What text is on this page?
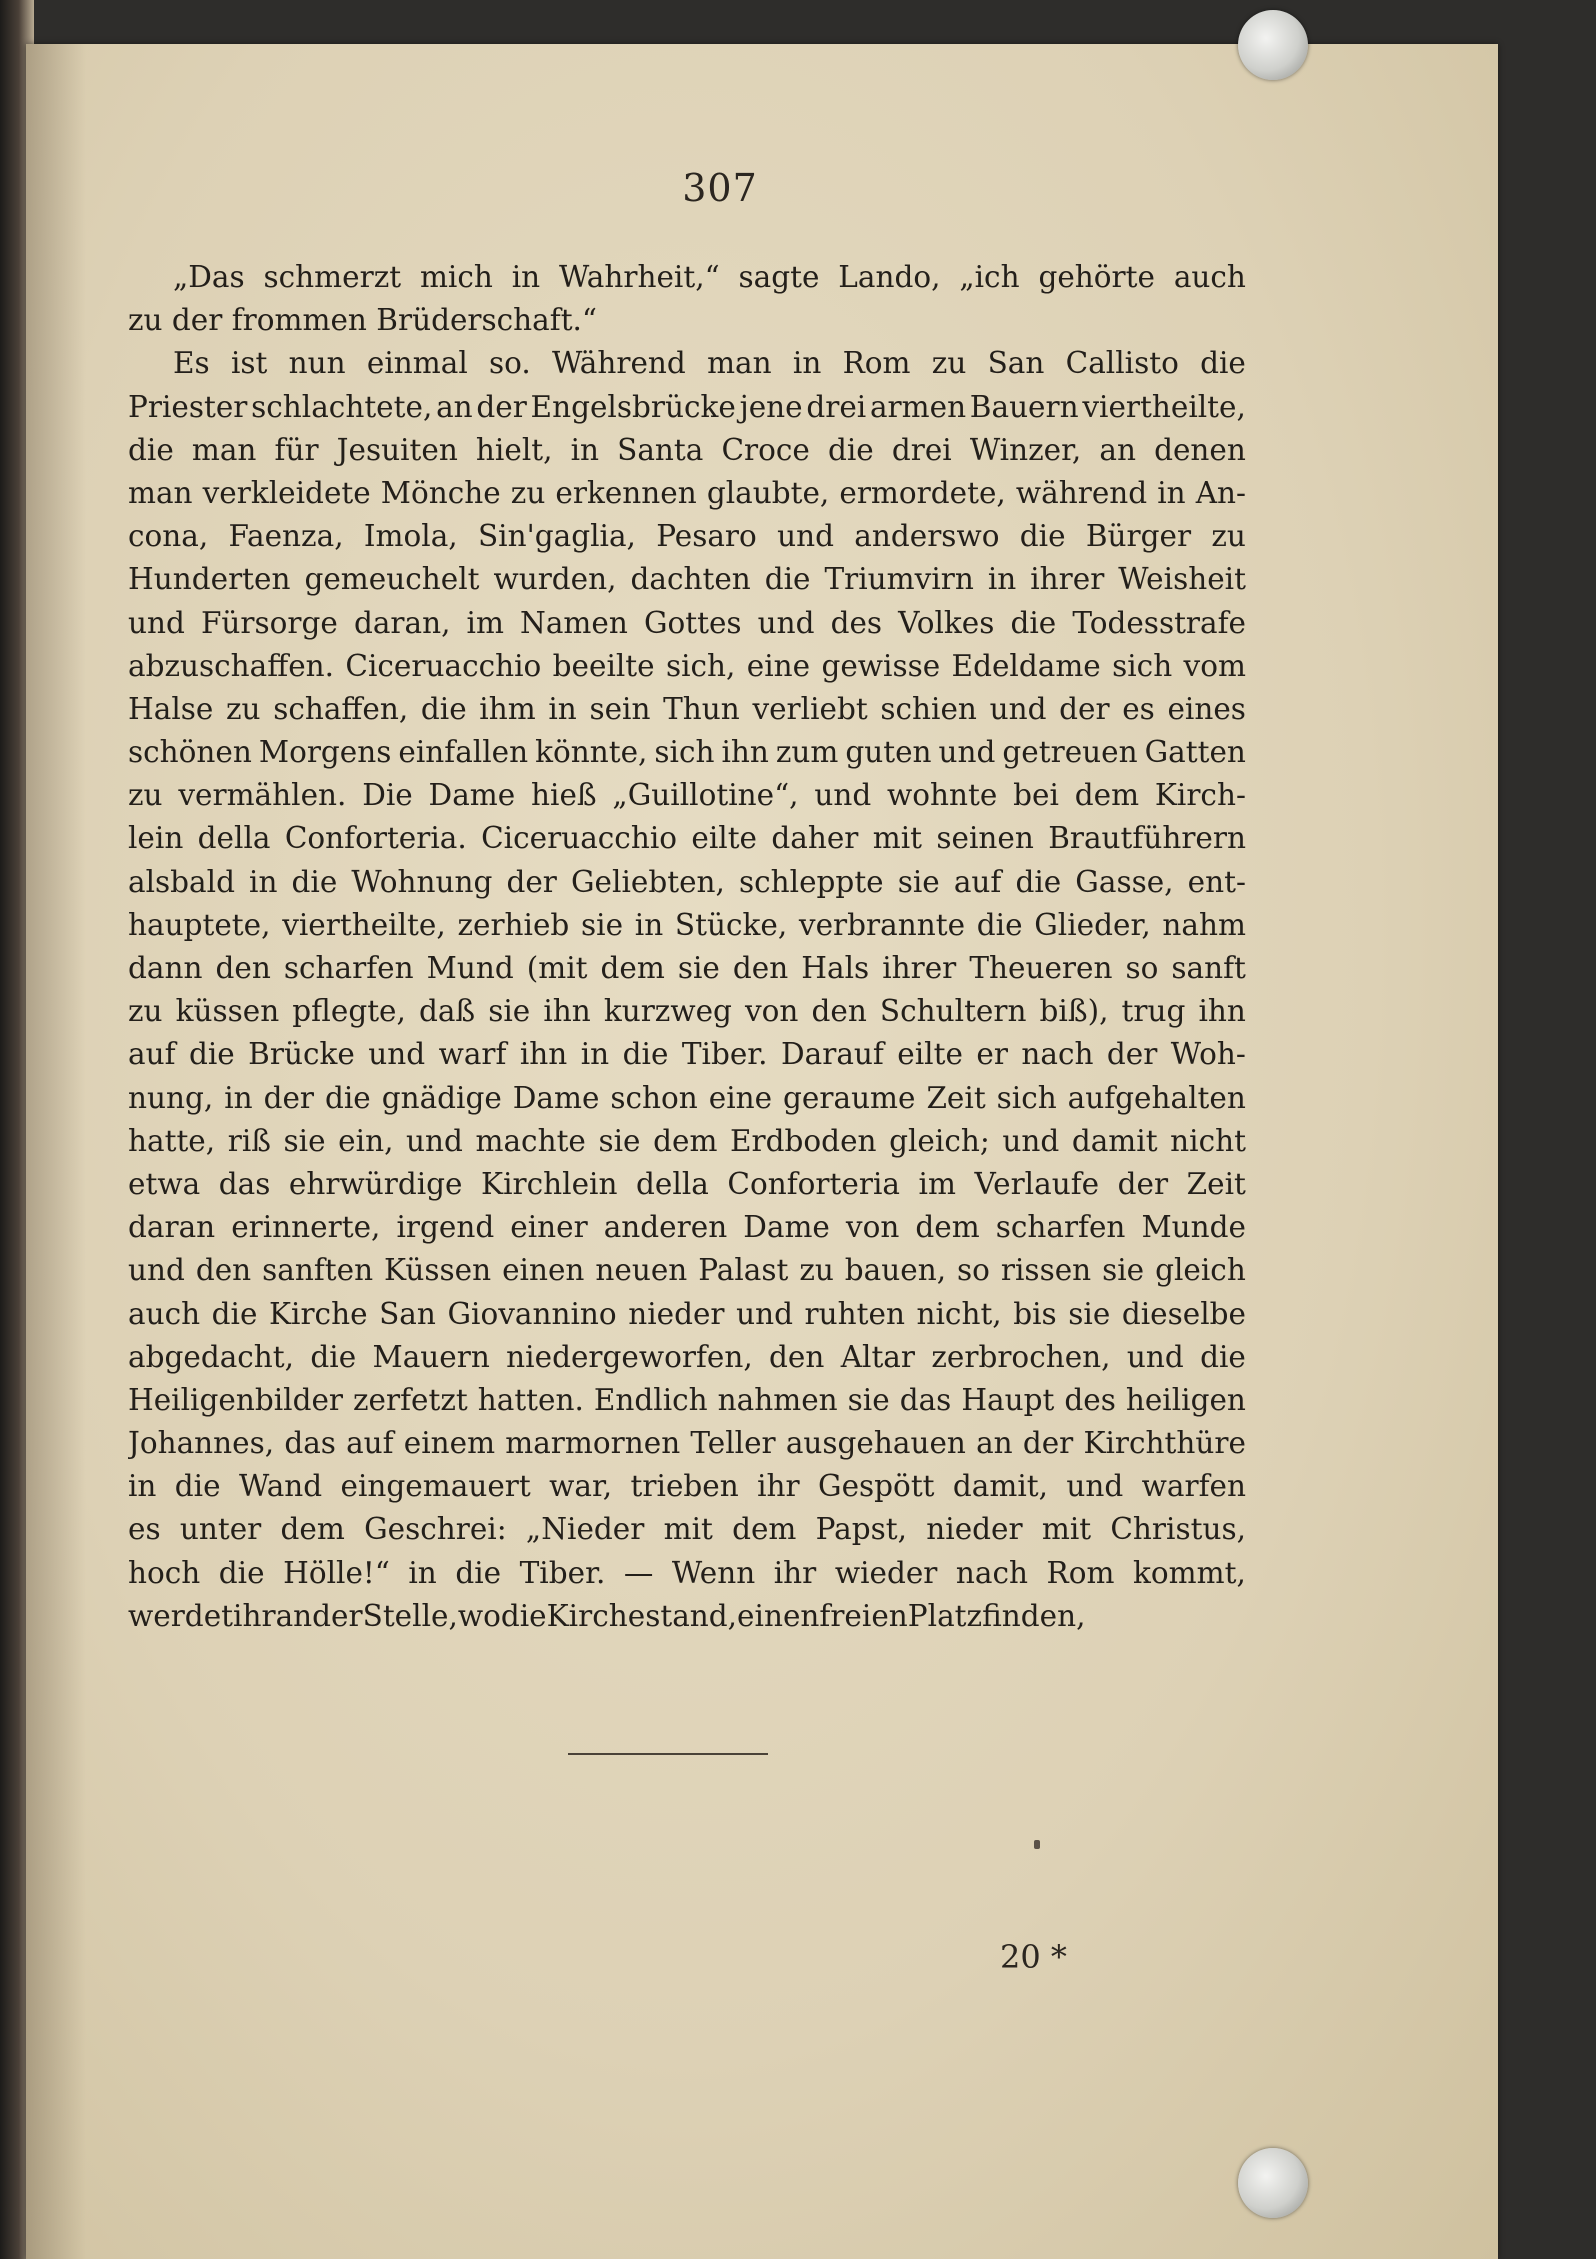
307
„Das schmerzt mich in Wahrheit,“ sagte Lando, „ich gehörte auch
zu der frommen Brüderschaft.“
Es ist nun einmal so. Während man in Rom zu San Callisto die
Priester schlachtete, an der Engelsbrücke jene drei armen Bauern viertheilte,
die man für Jesuiten hielt, in Santa Croce die drei Winzer, an denen
man verkleidete Mönche zu erkennen glaubte, ermordete, während in An-
cona, Faenza, Imola, Sin'gaglia, Pesaro und anderswo die Bürger zu
Hunderten gemeuchelt wurden, dachten die Triumvirn in ihrer Weisheit
und Fürsorge daran, im Namen Gottes und des Volkes die Todesstrafe
abzuschaffen. Ciceruacchio beeilte sich, eine gewisse Edeldame sich vom
Halse zu schaffen, die ihm in sein Thun verliebt schien und der es eines
schönen Morgens einfallen könnte, sich ihn zum guten und getreuen Gatten
zu vermählen. Die Dame hieß „Guillotine“, und wohnte bei dem Kirch-
lein della Conforteria. Ciceruacchio eilte daher mit seinen Brautführern
alsbald in die Wohnung der Geliebten, schleppte sie auf die Gasse, ent-
hauptete, viertheilte, zerhieb sie in Stücke, verbrannte die Glieder, nahm
dann den scharfen Mund (mit dem sie den Hals ihrer Theueren so sanft
zu küssen pflegte, daß sie ihn kurzweg von den Schultern biß), trug ihn
auf die Brücke und warf ihn in die Tiber. Darauf eilte er nach der Woh-
nung, in der die gnädige Dame schon eine geraume Zeit sich aufgehalten
hatte, riß sie ein, und machte sie dem Erdboden gleich; und damit nicht
etwa das ehrwürdige Kirchlein della Conforteria im Verlaufe der Zeit
daran erinnerte, irgend einer anderen Dame von dem scharfen Munde
und den sanften Küssen einen neuen Palast zu bauen, so rissen sie gleich
auch die Kirche San Giovannino nieder und ruhten nicht, bis sie dieselbe
abgedacht, die Mauern niedergeworfen, den Altar zerbrochen, und die
Heiligenbilder zerfetzt hatten. Endlich nahmen sie das Haupt des heiligen
Johannes, das auf einem marmornen Teller ausgehauen an der Kirchthüre
in die Wand eingemauert war, trieben ihr Gespött damit, und warfen
es unter dem Geschrei: „Nieder mit dem Papst, nieder mit Christus,
hoch die Hölle!“ in die Tiber. — Wenn ihr wieder nach Rom kommt,
werdet ihr an der Stelle, wo die Kirche stand, einen freien Platz finden,
20 *
